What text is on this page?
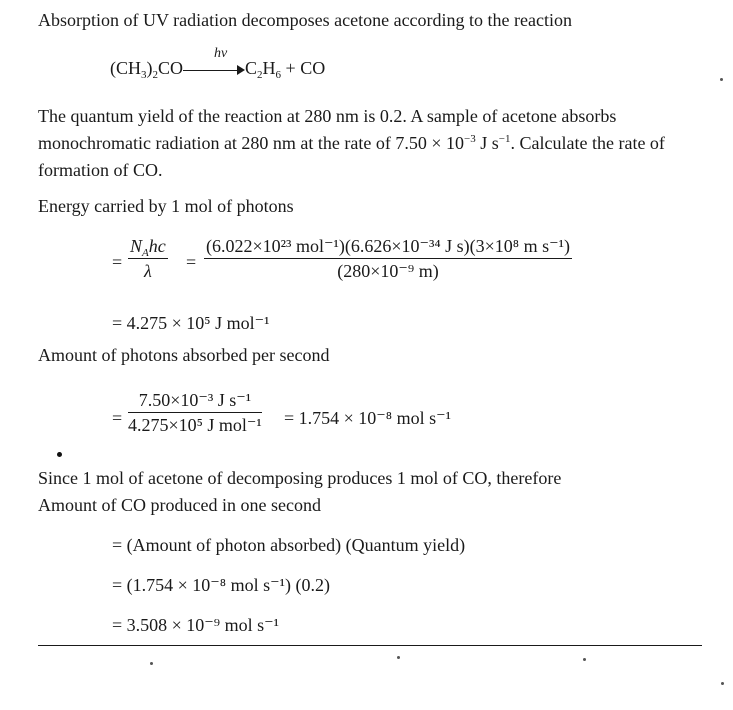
Absorption of UV radiation decomposes acetone according to the reaction
$(CH_3)_2CO$	$C_2H_6$ + CO
hν
The quantum yield of the reaction at 280 nm is 0.2. A sample of acetone absorbs
monochromatic radiation at 280 nm at the rate of $7.50 \times 10^{-3}$ J $s^{-1}$. Calculate the rate of
formation of CO.
Energy carried by 1 mol of photons
=
$N_Ahc$
λ	=
(6.022×10²³ mol⁻¹)(6.626×10⁻³⁴ J s)(3×10⁸ m s⁻¹)
(280×10⁻⁹ m)
= 4.275 × 10⁵ J mol⁻¹
Amount of photons absorbed per second
=
7.50×10⁻³ J s⁻¹
4.275×10⁵ J mol⁻¹ = 1.754 × 10⁻⁸ mol s⁻¹
Since 1 mol of acetone of decomposing produces 1 mol of CO, therefore
Amount of CO produced in one second
= (Amount of photon absorbed) (Quantum yield)
= (1.754 × 10⁻⁸ mol s⁻¹) (0.2)
= 3.508 × 10⁻⁹ mol s⁻¹
